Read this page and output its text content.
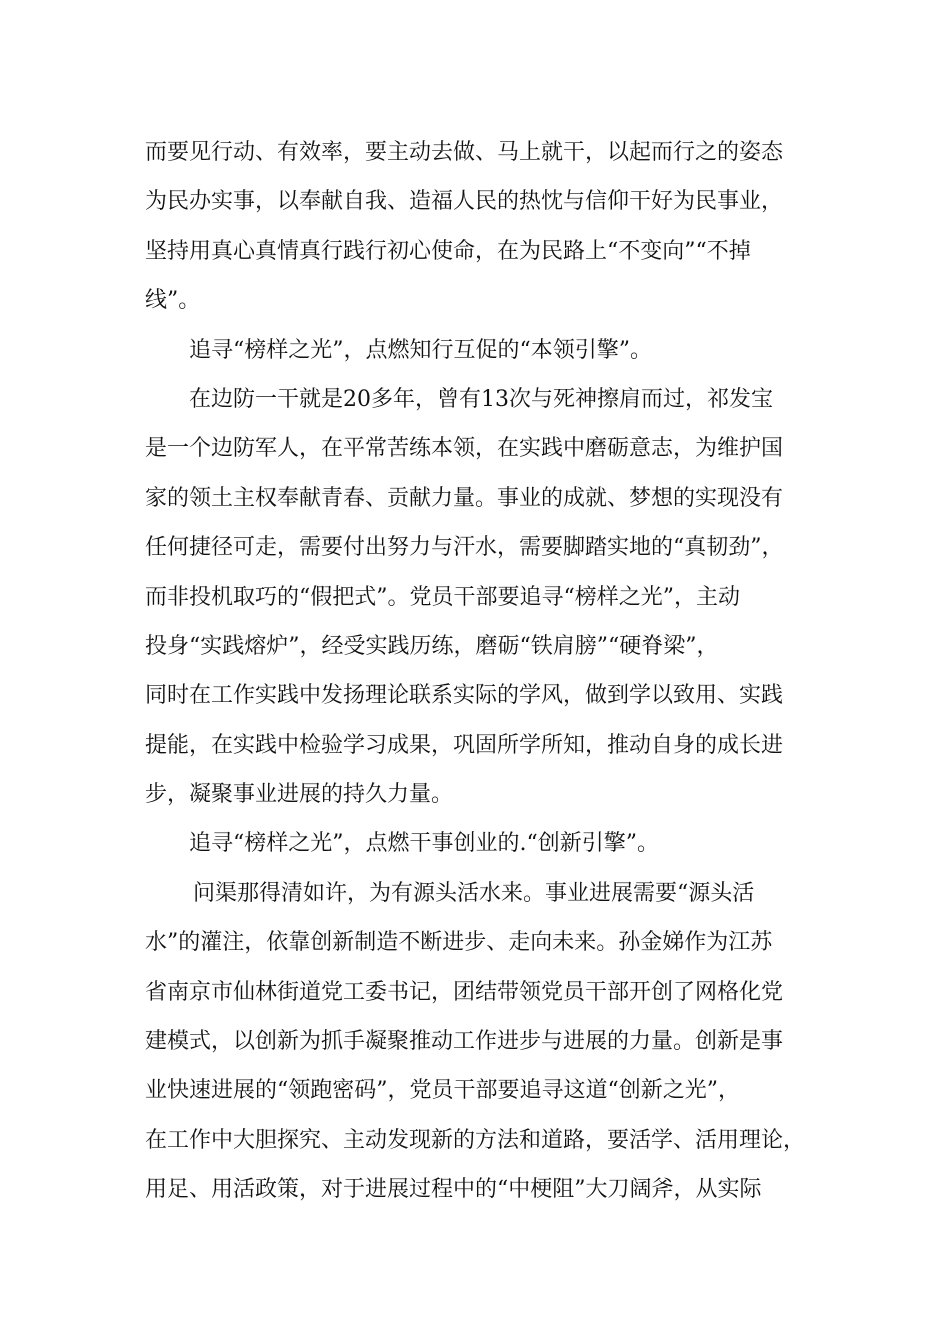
而要见行动、有效率，要主动去做、马上就干，以起而行之的姿态
为民办实事，以奉献自我、造福人民的热忱与信仰干好为民事业，
坚持用真心真情真行践行初心使命，在为民路上“不变向”“不掉
线”。
追寻“榜样之光”，点燃知行互促的“本领引擎”。
在边防一干就是20多年，曾有13次与死神擦肩而过，祁发宝
是一个边防军人，在平常苦练本领，在实践中磨砺意志，为维护国
家的领土主权奉献青春、贡献力量。事业的成就、梦想的实现没有
任何捷径可走，需要付出努力与汗水，需要脚踏实地的“真韧劲”，
而非投机取巧的“假把式”。党员干部要追寻“榜样之光”，主动
投身“实践熔炉”，经受实践历练，磨砺“铁肩膀”“硬脊梁”，
同时在工作实践中发扬理论联系实际的学风，做到学以致用、实践
提能，在实践中检验学习成果，巩固所学所知，推动自身的成长进
步，凝聚事业进展的持久力量。
追寻“榜样之光”，点燃干事创业的.“创新引擎”。
问渠那得清如许，为有源头活水来。事业进展需要“源头活
水”的灌注，依靠创新制造不断进步、走向未来。孙金娣作为江苏
省南京市仙林街道党工委书记，团结带领党员干部开创了网格化党
建模式，以创新为抓手凝聚推动工作进步与进展的力量。创新是事
业快速进展的“领跑密码”，党员干部要追寻这道“创新之光”，
在工作中大胆探究、主动发现新的方法和道路，要活学、活用理论，
用足、用活政策，对于进展过程中的“中梗阻”大刀阔斧，从实际
